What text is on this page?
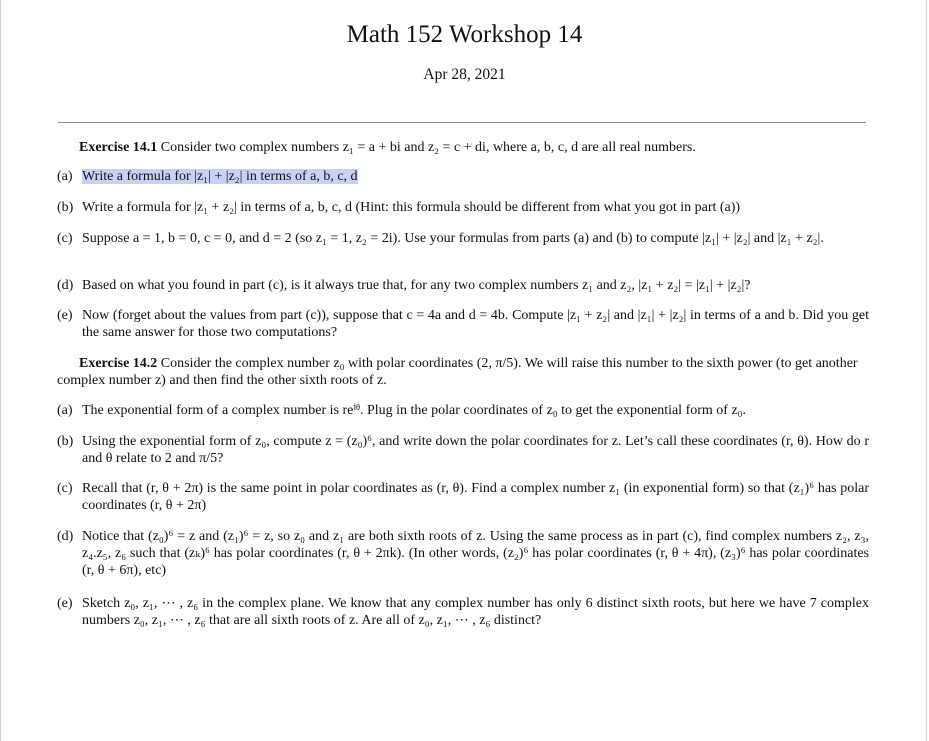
Math 152 Workshop 14
Apr 28, 2021
Exercise 14.1 Consider two complex numbers z₁ = a + bi and z₂ = c + di, where a, b, c, d are all real numbers.
(a) Write a formula for |z₁| + |z₂| in terms of a, b, c, d
(b) Write a formula for |z₁ + z₂| in terms of a, b, c, d (Hint: this formula should be different from what you got in part (a))
(c) Suppose a = 1, b = 0, c = 0, and d = 2 (so z₁ = 1, z₂ = 2i). Use your formulas from parts (a) and (b) to compute |z₁| + |z₂| and |z₁ + z₂|.
(d) Based on what you found in part (c), is it always true that, for any two complex numbers z₁ and z₂, |z₁ + z₂| = |z₁| + |z₂|?
(e) Now (forget about the values from part (c)), suppose that c = 4a and d = 4b. Compute |z₁ + z₂| and |z₁| + |z₂| in terms of a and b. Did you get the same answer for those two computations?
Exercise 14.2 Consider the complex number z₀ with polar coordinates (2, π/5). We will raise this number to the sixth power (to get another complex number z) and then find the other sixth roots of z.
(a) The exponential form of a complex number is reⁱᶿ. Plug in the polar coordinates of z₀ to get the exponential form of z₀.
(b) Using the exponential form of z₀, compute z = (z₀)⁶, and write down the polar coordinates for z. Let’s call these coordinates (r, θ). How do r and θ relate to 2 and π/5?
(c) Recall that (r, θ + 2π) is the same point in polar coordinates as (r, θ). Find a complex number z₁ (in exponential form) so that (z₁)⁶ has polar coordinates (r, θ + 2π)
(d) Notice that (z₀)⁶ = z and (z₁)⁶ = z, so z₀ and z₁ are both sixth roots of z. Using the same process as in part (c), find complex numbers z₂, z₃, z₄.z₅, z₆ such that (zₖ)⁶ has polar coordinates (r, θ + 2πk). (In other words, (z₂)⁶ has polar coordinates (r, θ + 4π), (z₃)⁶ has polar coordinates (r, θ + 6π), etc)
(e) Sketch z₀, z₁, ⋯ , z₆ in the complex plane. We know that any complex number has only 6 distinct sixth roots, but here we have 7 complex numbers z₀, z₁, ⋯ , z₆ that are all sixth roots of z. Are all of z₀, z₁, ⋯ , z₆ distinct?
